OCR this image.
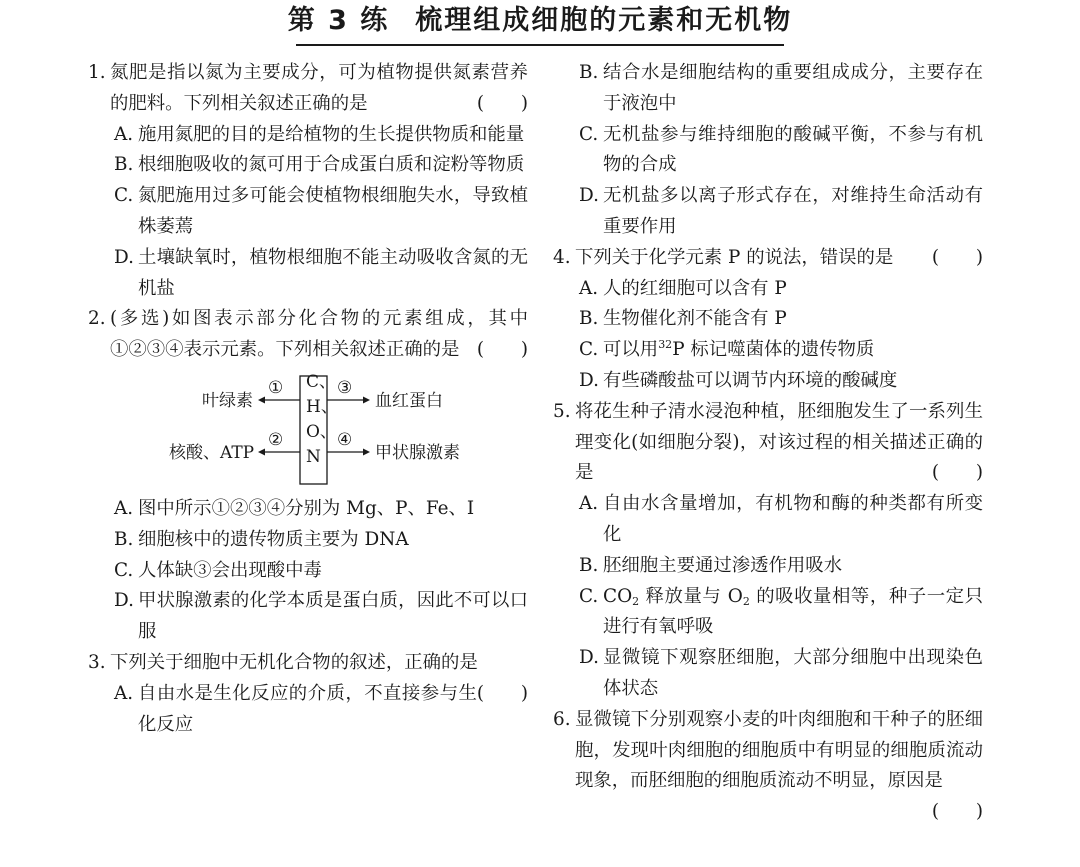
第 3 练 梳理组成细胞的元素和无机物
1. 氮肥是指以氮为主要成分，可为植物提供氮素营养的肥料。下列相关叙述正确的是	(　　)
A. 施用氮肥的目的是给植物的生长提供物质和能量
B. 根细胞吸收的氮可用于合成蛋白质和淀粉等物质
C. 氮肥施用过多可能会使植物根细胞失水，导致植株萎蔫
D. 土壤缺氧时，植物根细胞不能主动吸收含氮的无机盐
2. (多选)如图表示部分化合物的元素组成，其中①②③④表示元素。下列相关叙述正确的是 (　　)
C、
H、
O、
N
①
②
③
④
叶绿素
核酸、ATP
血红蛋白
甲状腺激素
A. 图中所示①②③④分别为 Mg、P、Fe、I
B. 细胞核中的遗传物质主要为 DNA
C. 人体缺③会出现酸中毒
D. 甲状腺激素的化学本质是蛋白质，因此不可以口服
3. 下列关于细胞中无机化合物的叙述，正确的是
(　　)
A. 自由水是生化反应的介质，不直接参与生化反应
B. 结合水是细胞结构的重要组成成分，主要存在于液泡中
C. 无机盐参与维持细胞的酸碱平衡，不参与有机物的合成
D. 无机盐多以离子形式存在，对维持生命活动有重要作用
4. 下列关于化学元素 P 的说法，错误的是 (　　)
A. 人的红细胞可以含有 P
B. 生物催化剂不能含有 P
C. 可以用$^{32}$P 标记噬菌体的遗传物质
D. 有些磷酸盐可以调节内环境的酸碱度
5. 将花生种子清水浸泡种植，胚细胞发生了一系列生理变化(如细胞分裂)，对该过程的相关描述正确的是	(　　)
A. 自由水含量增加，有机物和酶的种类都有所变化
B. 胚细胞主要通过渗透作用吸水
C. $CO_2$ 释放量与 $O_2$ 的吸收量相等，种子一定只进行有氧呼吸
D. 显微镜下观察胚细胞，大部分细胞中出现染色体状态
6. 显微镜下分别观察小麦的叶肉细胞和干种子的胚细胞，发现叶肉细胞的细胞质中有明显的细胞质流动现象，而胚细胞的细胞质流动不明显，原因是
(　　)
